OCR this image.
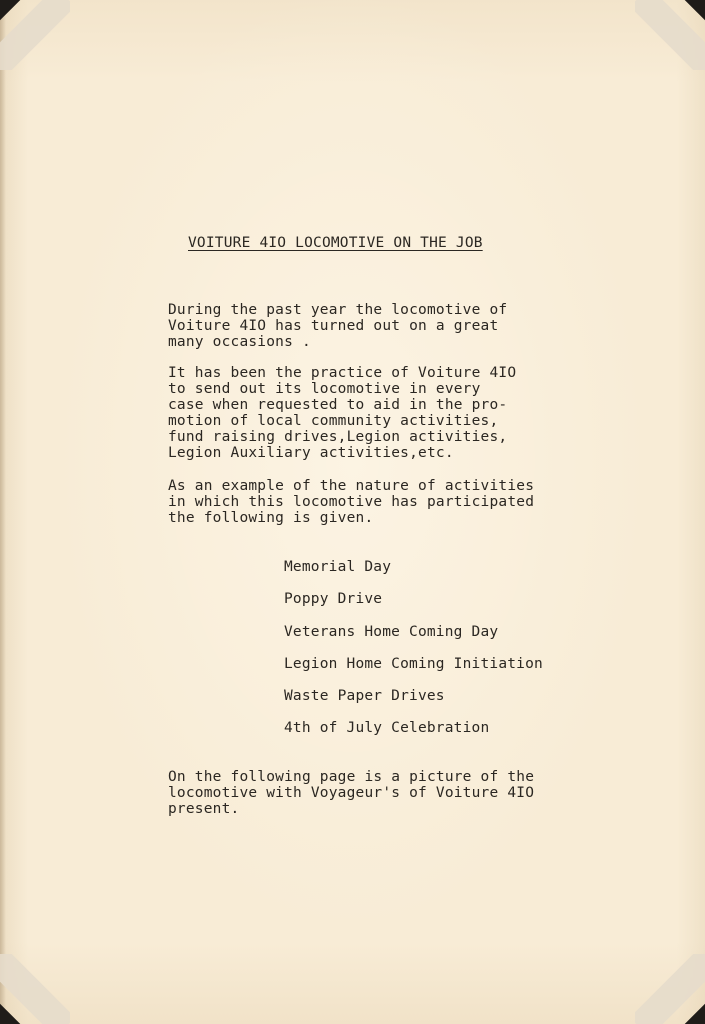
VOITURE 4IO LOCOMOTIVE ON THE JOB
During the past year the locomotive of
Voiture 4IO has turned out on a great
many occasions .
It has been the practice of Voiture 4IO
to send out its locomotive in every
case when requested to aid in the pro-
motion of local community activities,
fund raising drives,Legion activities,
Legion Auxiliary activities,etc.
As an example of the nature of activities
in which this locomotive has participated
the following is given.
Memorial Day
Poppy Drive
Veterans Home Coming Day
Legion Home Coming Initiation
Waste Paper Drives
4th of July Celebration
On the following page is a picture of the
locomotive with Voyageur's of Voiture 4IO
present.
